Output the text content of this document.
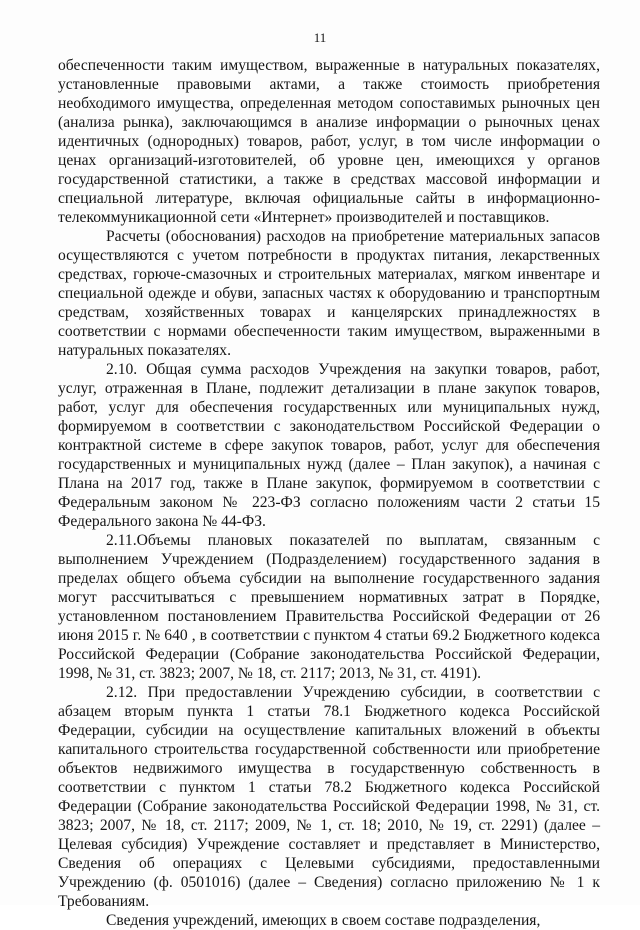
11

обеспеченности таким имуществом, выраженные в натуральных показателях, установленные правовыми актами, а также стоимость приобретения необходимого имущества, определенная методом сопоставимых рыночных цен (анализа рынка), заключающимся в анализе информации о рыночных ценах идентичных (однородных) товаров, работ, услуг, в том числе информации о ценах организаций-изготовителей, об уровне цен, имеющихся у органов государственной статистики, а также в средствах массовой информации и специальной литературе, включая официальные сайты в информационно-телекоммуникационной сети «Интернет» производителей и поставщиков.

Расчеты (обоснования) расходов на приобретение материальных запасов осуществляются с учетом потребности в продуктах питания, лекарственных средствах, горюче-смазочных и строительных материалах, мягком инвентаре и специальной одежде и обуви, запасных частях к оборудованию и транспортным средствам, хозяйственных товарах и канцелярских принадлежностях в соответствии с нормами обеспеченности таким имуществом, выраженными в натуральных показателях.

2.10. Общая сумма расходов Учреждения на закупки товаров, работ, услуг, отраженная в Плане, подлежит детализации в плане закупок товаров, работ, услуг для обеспечения государственных или муниципальных нужд, формируемом в соответствии с законодательством Российской Федерации о контрактной системе в сфере закупок товаров, работ, услуг для обеспечения государственных и муниципальных нужд (далее – План закупок), а начиная с Плана на 2017 год, также в Плане закупок, формируемом в соответствии с Федеральным законом № 223-ФЗ согласно положениям части 2 статьи 15 Федерального закона № 44-ФЗ.

2.11.Объемы плановых показателей по выплатам, связанным с выполнением Учреждением (Подразделением) государственного задания в пределах общего объема субсидии на выполнение государственного задания могут рассчитываться с превышением нормативных затрат в Порядке, установленном постановлением Правительства Российской Федерации от 26 июня 2015 г. № 640 , в соответствии с пунктом 4 статьи 69.2 Бюджетного кодекса Российской Федерации (Собрание законодательства Российской Федерации, 1998, № 31, ст. 3823; 2007, № 18, ст. 2117; 2013, № 31, ст. 4191).

2.12. При предоставлении Учреждению субсидии, в соответствии с абзацем вторым пункта 1 статьи 78.1 Бюджетного кодекса Российской Федерации, субсидии на осуществление капитальных вложений в объекты капитального строительства государственной собственности или приобретение объектов недвижимого имущества в государственную собственность в соответствии с пунктом 1 статьи 78.2 Бюджетного кодекса Российской Федерации (Собрание законодательства Российской Федерации 1998, № 31, ст. 3823; 2007, № 18, ст. 2117; 2009, № 1, ст. 18; 2010, № 19, ст. 2291) (далее – Целевая субсидия) Учреждение составляет и представляет в Министерство, Сведения об операциях с Целевыми субсидиями, предоставленными Учреждению (ф. 0501016) (далее – Сведения) согласно приложению № 1 к Требованиям.

Сведения учреждений, имеющих в своем составе подразделения,
